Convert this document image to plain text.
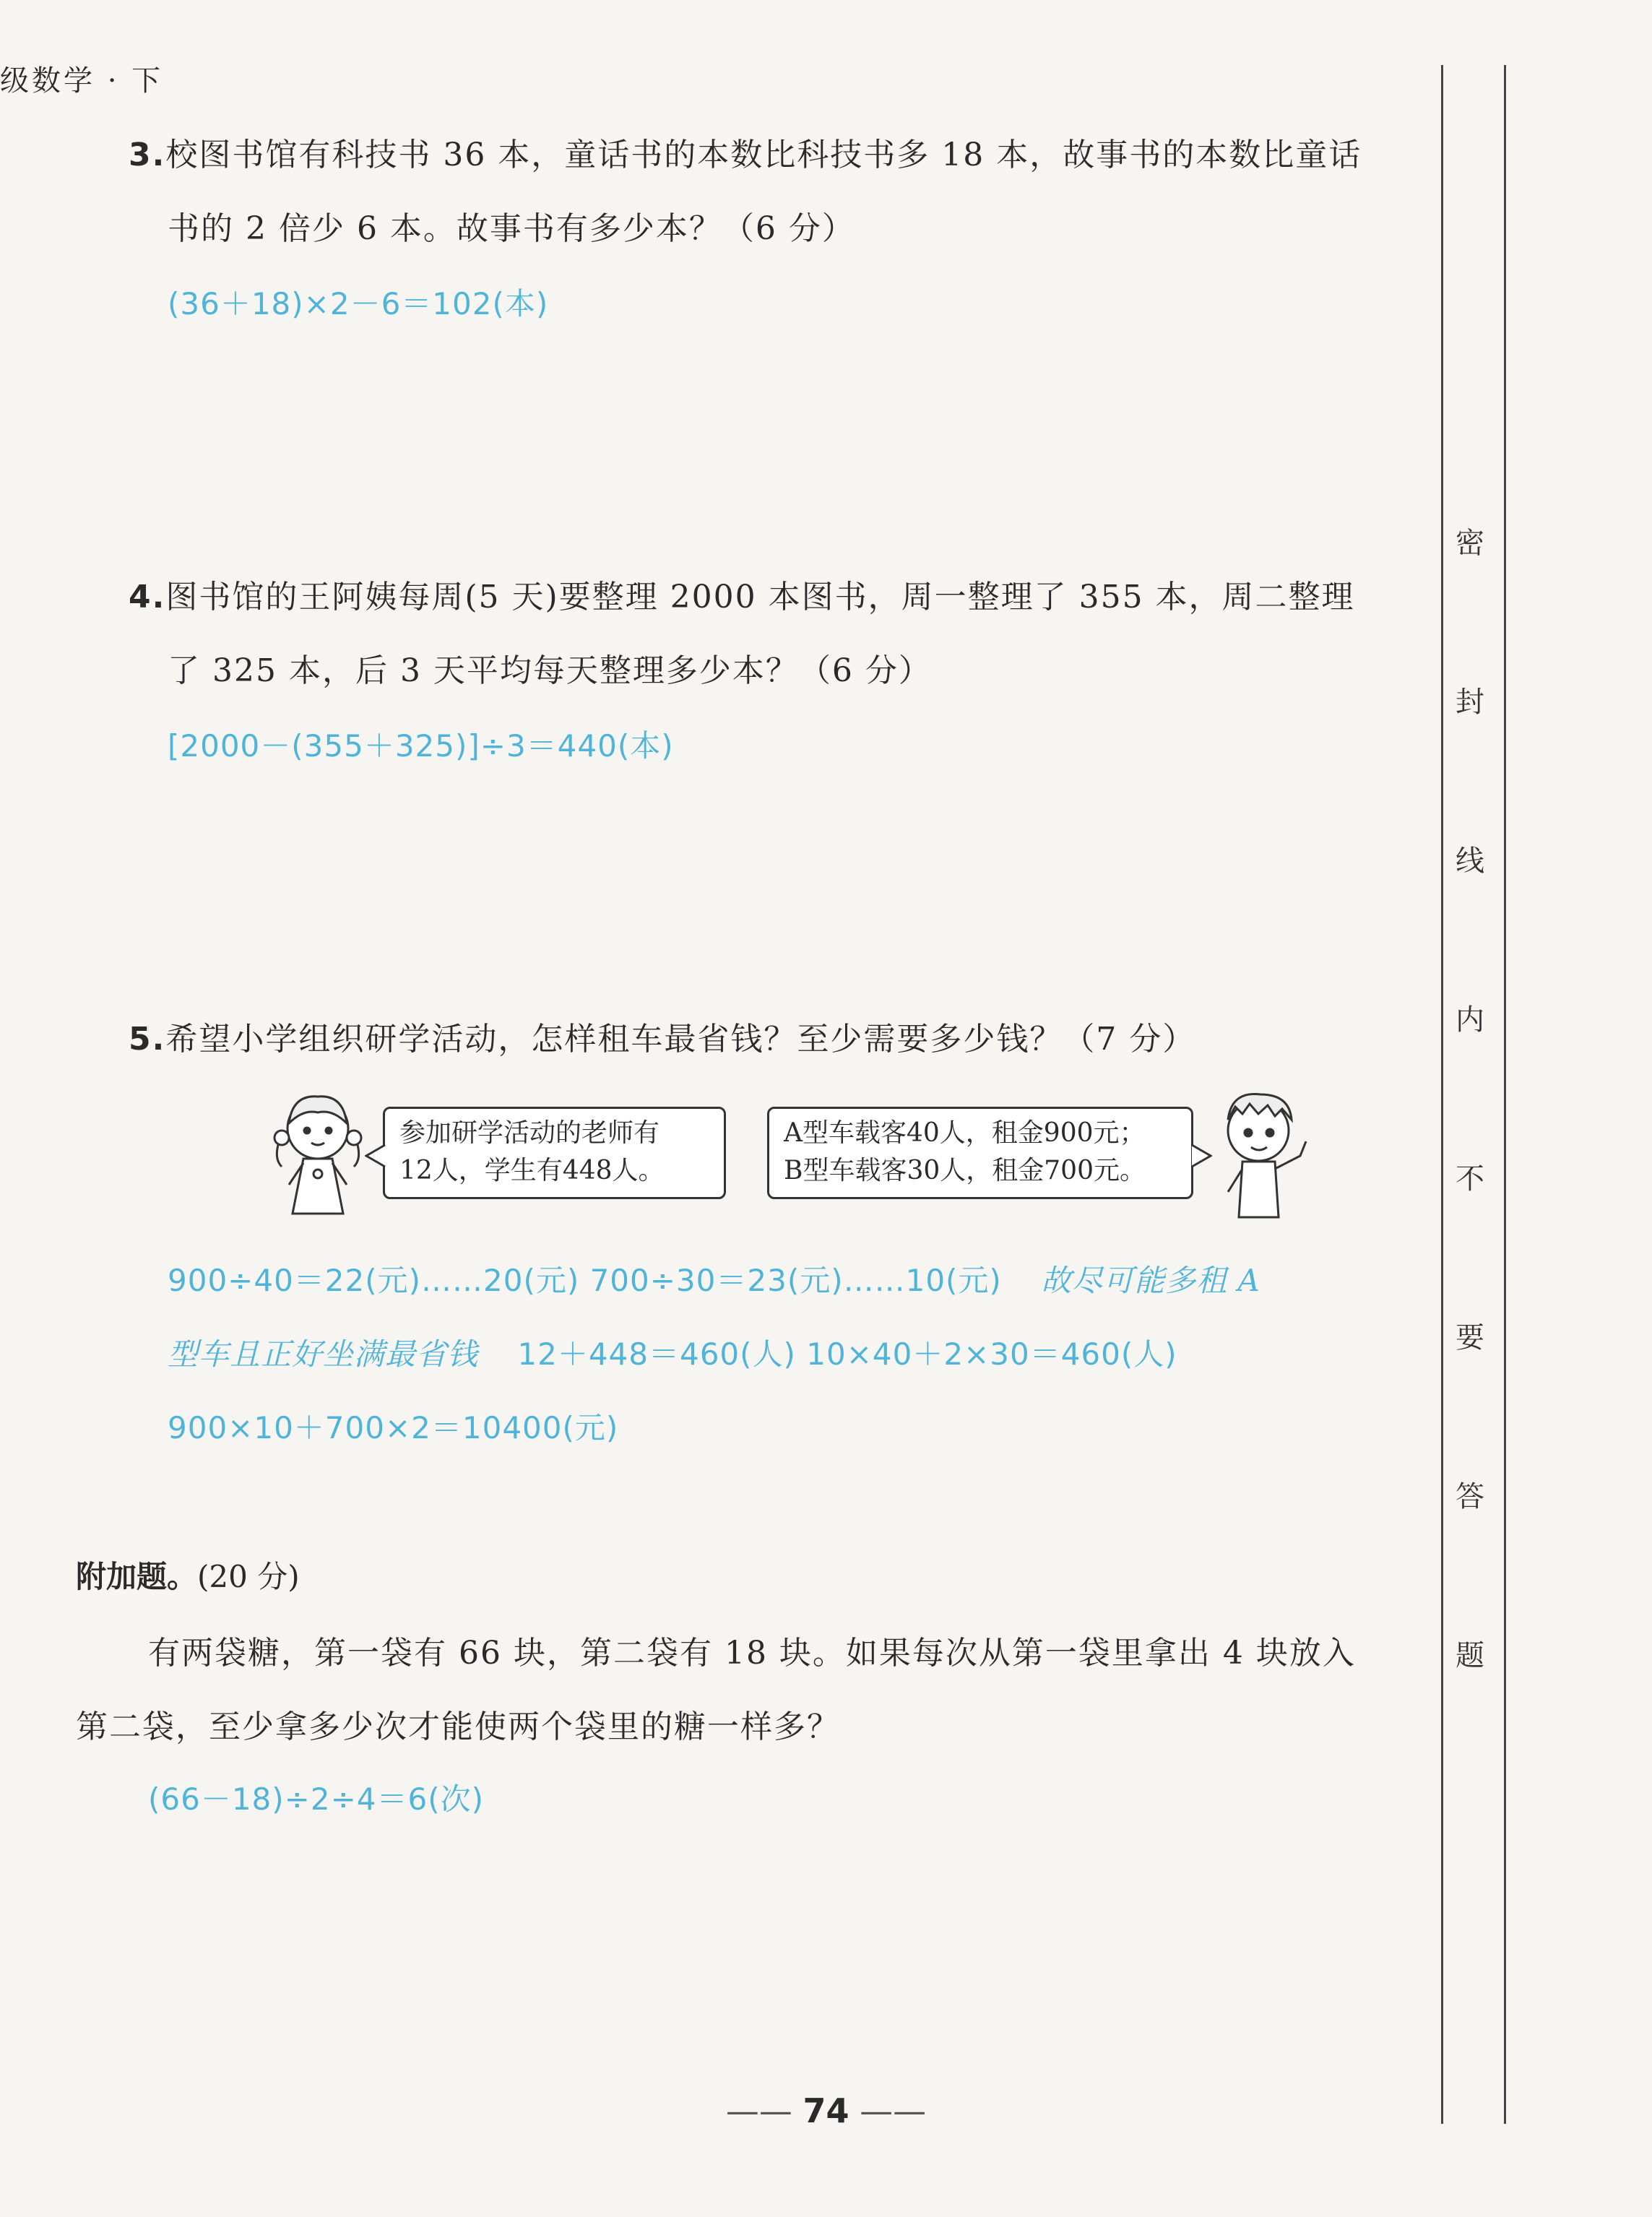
级数学 · 下
3.校图书馆有科技书 36 本，童话书的本数比科技书多 18 本，故事书的本数比童话
书的 2 倍少 6 本。故事书有多少本？（6 分）
(36＋18)×2－6＝102(本)
4.图书馆的王阿姨每周(5 天)要整理 2000 本图书，周一整理了 355 本，周二整理
了 325 本，后 3 天平均每天整理多少本？（6 分）
[2000－(355＋325)]÷3＝440(本)
5.希望小学组织研学活动，怎样租车最省钱？至少需要多少钱？（7 分）
参加研学活动的老师有
12人，学生有448人。
A型车载客40人，租金900元；
B型车载客30人，租金700元。
900÷40＝22(元)……20(元) 700÷30＝23(元)……10(元) 故尽可能多租 A
型车且正好坐满最省钱 12＋448＝460(人) 10×40＋2×30＝460(人)
900×10＋700×2＝10400(元)
附加题。(20 分)
有两袋糖，第一袋有 66 块，第二袋有 18 块。如果每次从第一袋里拿出 4 块放入
第二袋，至少拿多少次才能使两个袋里的糖一样多？
(66－18)÷2÷4＝6(次)
密
封
线
内
不
要
答
题
—— 74 ——
